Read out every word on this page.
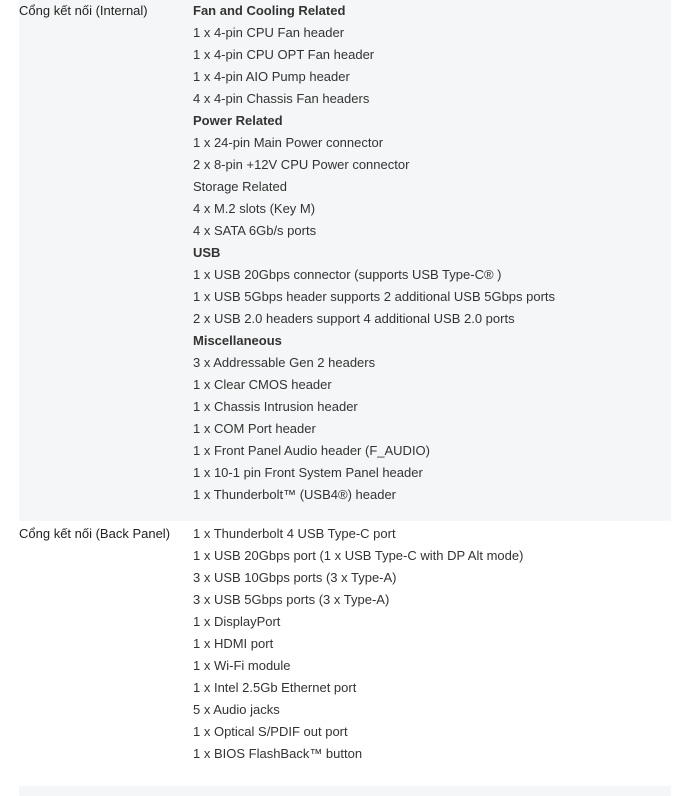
Cổng kết nối (Internal)	Fan and Cooling Related
1 x 4-pin CPU Fan header
1 x 4-pin CPU OPT Fan header
1 x 4-pin AIO Pump header
4 x 4-pin Chassis Fan headers
Power Related
1 x 24-pin Main Power connector
2 x 8-pin +12V CPU Power connector
Storage Related
4 x M.2 slots (Key M)
4 x SATA 6Gb/s ports
USB
1 x USB 20Gbps connector (supports USB Type-C® )
1 x USB 5Gbps header supports 2 additional USB 5Gbps ports
2 x USB 2.0 headers support 4 additional USB 2.0 ports
Miscellaneous
3 x Addressable Gen 2 headers
1 x Clear CMOS header
1 x Chassis Intrusion header
1 x COM Port header
1 x Front Panel Audio header (F_AUDIO)
1 x 10-1 pin Front System Panel header
1 x Thunderbolt™ (USB4®) header
Cổng kết nối (Back Panel)	1 x Thunderbolt 4 USB Type-C port
1 x USB 20Gbps port (1 x USB Type-C with DP Alt mode)
3 x USB 10Gbps ports (3 x Type-A)
3 x USB 5Gbps ports (3 x Type-A)
1 x DisplayPort
1 x HDMI port
1 x Wi-Fi module
1 x Intel 2.5Gb Ethernet port
5 x Audio jacks
1 x Optical S/PDIF out port
1 x BIOS FlashBack™ button
